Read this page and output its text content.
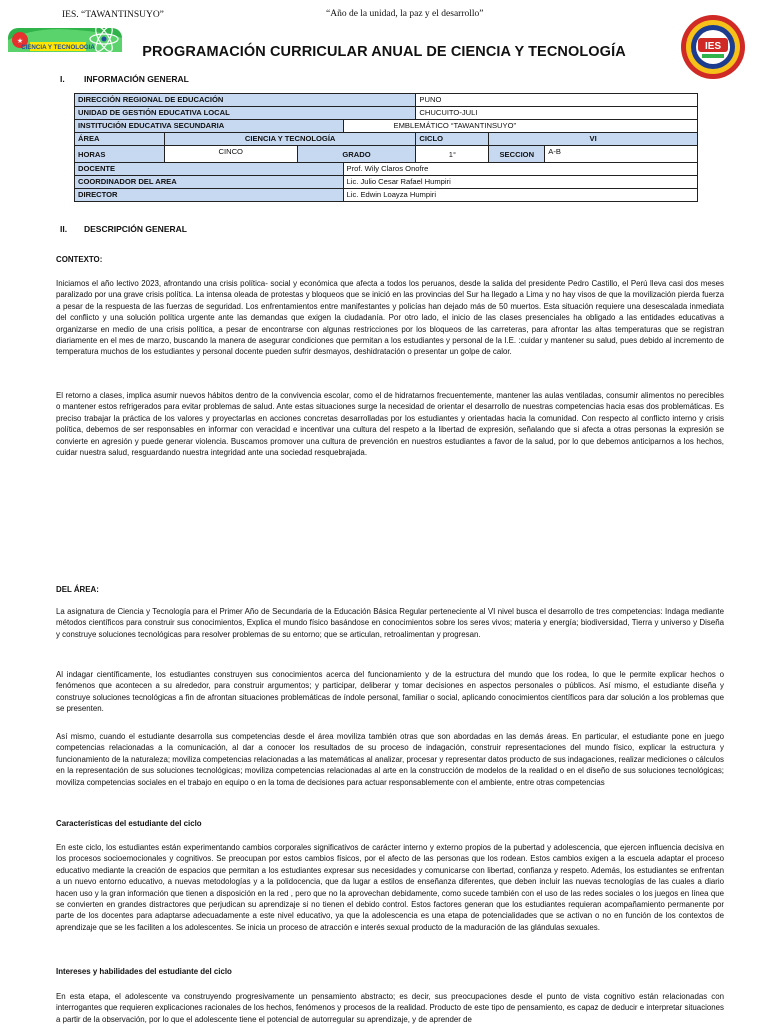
IES. “TAWANTINSUYO”	“Año de la unidad, la paz y el desarrollo”
★
CIENCIA Y TECNOLOGIA	IES
PROGRAMACIÓN CURRICULAR ANUAL DE CIENCIA Y TECNOLOGÍA
I. INFORMACIÓN GENERAL
DIRECCIÓN REGIONAL DE EDUCACIÓN				PUNO		
UNIDAD DE GESTIÓN EDUCATIVA LOCAL				CHUCUITO-JULI		
INSTITUCIÓN EDUCATIVA SECUNDARIA			EMBLEMÁTICO “TAWANTINSUYO”			
ÁREA	CIENCIA Y TECNOLOGÍA			CICLO	VI	
HORAS	CINCO	GRADO		1°	SECCION	A-B
DOCENTE			Prof. Wily Claros Onofre			
COORDINADOR DEL AREA			Lic. Julio Cesar Rafael Humpiri			
DIRECTOR			Lic. Edwin Loayza Humpiri			
II. DESCRIPCIÓN GENERAL
CONTEXTO:
Iniciamos el año lectivo 2023, afrontando una crisis política- social y económica que afecta a todos los peruanos, desde la salida del presidente Pedro Castillo, el Perú lleva casi dos meses paralizado por una grave crisis política. La intensa oleada de protestas y bloqueos que se inició en las provincias del Sur ha llegado a Lima y no hay visos de que la movilización pierda fuerza a pesar de la respuesta de las fuerzas de seguridad. Los enfrentamientos entre manifestantes y policías han dejado más de 50 muertos. Esta situación requiere una desescalada inmediata del conflicto y una solución política urgente ante las demandas que exigen la ciudadanía. Por otro lado, el inicio de las clases presenciales ha obligado a las entidades educativas a organizarse en medio de una crisis política, a pesar de encontrarse con algunas restricciones por los bloqueos de las carreteras, para afrontar las altas temperaturas que se registran diariamente en el mes de marzo, buscando la manera de asegurar condiciones que permitan a los estudiantes y personal de la I.E. :cuidar y mantener su salud, pues debido al incremento de temperatura muchos de los estudiantes y personal docente pueden sufrir desmayos, deshidratación o presentar un golpe de calor.
El retorno a clases, implica asumir nuevos hábitos dentro de la convivencia escolar, como el de hidratarnos frecuentemente, mantener las aulas ventiladas, consumir alimentos no perecibles o mantener estos refrigerados para evitar problemas de salud. Ante estas situaciones surge la necesidad de orientar el desarrollo de nuestras competencias hacia esas dos problemáticas. Es preciso trabajar la práctica de los valores y proyectarlas en acciones concretas desarrolladas por los estudiantes y orientadas hacia la comunidad. Con respecto al conflicto interno y crisis política, debemos de ser responsables en informar con veracidad e incentivar una cultura del respeto a la libertad de expresión, señalando que si afecta a otras personas la expresión se convierte en agresión y puede generar violencia. Buscamos promover una cultura de prevención en nuestros estudiantes a favor de la salud, por lo que debemos anticiparnos a los hechos, cuidar nuestra salud, resguardando nuestra integridad ante una sociedad resquebrajada.
DEL ÁREA:
La asignatura de Ciencia y Tecnología para el Primer Año de Secundaria de la Educación Básica Regular perteneciente al VI nivel busca el desarrollo de tres competencias: Indaga mediante métodos científicos para construir sus conocimientos, Explica el mundo físico basándose en conocimientos sobre los seres vivos; materia y energía; biodiversidad, Tierra y universo y Diseña y construye soluciones tecnológicas para resolver problemas de su entorno; que se articulan, retroalimentan y progresan.
Al indagar científicamente, los estudiantes construyen sus conocimientos acerca del funcionamiento y de la estructura del mundo que los rodea, lo que le permite explicar hechos o fenómenos que acontecen a su alrededor, para construir argumentos; y participar, deliberar y tomar decisiones en aspectos personales o públicos. Así mismo, el estudiante diseña y construye soluciones tecnológicas a fin de afrontan situaciones problemáticas de índole personal, familiar o social, aplicando conocimientos científicos para dar solución a los problemas que se presenten.
Así mismo, cuando el estudiante desarrolla sus competencias desde el área moviliza también otras que son abordadas en las demás áreas. En particular, el estudiante pone en juego competencias relacionadas a la comunicación, al dar a conocer los resultados de su proceso de indagación, construir representaciones del mundo físico, explicar la estructura y funcionamiento de la naturaleza; moviliza competencias relacionadas a las matemáticas al analizar, procesar y representar datos producto de sus indagaciones, realizar mediciones o cálculos en la representación de sus soluciones tecnológicas; moviliza competencias relacionadas al arte en la construcción de modelos de la realidad o en el diseño de sus soluciones tecnológicas; moviliza competencias sociales en el trabajo en equipo o en la toma de decisiones para actuar responsablemente con el ambiente, entre otras competencias
Características del estudiante del ciclo
En este ciclo, los estudiantes están experimentando cambios corporales significativos de carácter interno y externo propios de la pubertad y adolescencia, que ejercen influencia decisiva en los procesos socioemocionales y cognitivos. Se preocupan por estos cambios físicos, por el afecto de las personas que los rodean. Estos cambios exigen a la escuela adaptar el proceso educativo mediante la creación de espacios que permitan a los estudiantes expresar sus necesidades y comunicarse con libertad, confianza y respeto. Además, los estudiantes se enfrentan a un nuevo entorno educativo, a nuevas metodologías y a la polidocencia, que da lugar a estilos de enseñanza diferentes, que deben incluir las nuevas tecnologías de las cuales a diario hacen uso y la gran información que tienen a disposición en la red , pero que no la aprovechan debidamente, como sucede también con el uso de las redes sociales o los juegos en línea que se convierten en grandes distractores que perjudican su aprendizaje si no tienen el debido control. Estos factores generan que los estudiantes requieran acompañamiento permanente por parte de los docentes para adaptarse adecuadamente a este nivel educativo, ya que la adolescencia es una etapa de potencialidades que se activan o no en función de los contextos de aprendizaje que se les faciliten a los adolescentes. Se inicia un proceso de atracción e interés sexual producto de la maduración de las glándulas sexuales.
Intereses y habilidades del estudiante del ciclo
En esta etapa, el adolescente va construyendo progresivamente un pensamiento abstracto; es decir, sus preocupaciones desde el punto de vista cognitivo están relacionadas con interrogantes que requieren explicaciones racionales de los hechos, fenómenos y procesos de la realidad. Producto de este tipo de pensamiento, es capaz de deducir e interpretar situaciones a partir de la observación, por lo que el adolescente tiene el potencial de autorregular su aprendizaje, y de aprender de
